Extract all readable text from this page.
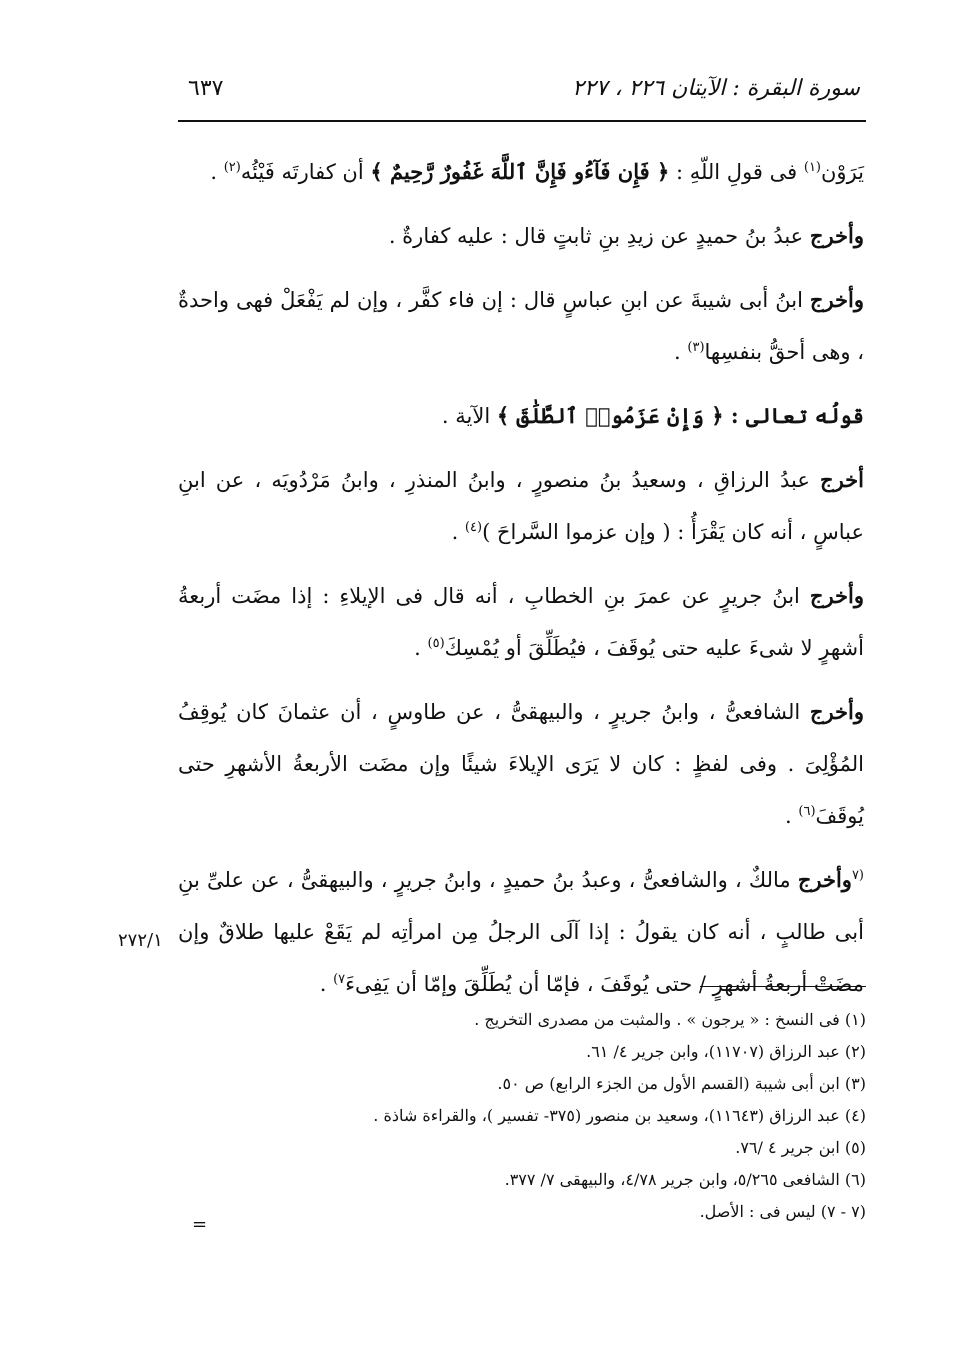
سورة البقرة : الآيتان ٢٢٦ ، ٢٢٧
٦٣٧

يَرَوْن$^{(١)}$ فى قولِ اللّهِ : ﴿ فَإِن فَآءُو فَإِنَّ ٱللَّهَ غَفُورٌ رَّحِيمٌ ﴾ أن كفارتَه فَيْئُه$^{(٢)}$ .

وأخرج عبدُ بنُ حميدٍ عن زيدِ بنِ ثابتٍ قال : عليه كفارةٌ .

وأخرج ابنُ أبى شيبةَ عن ابنِ عباسٍ قال : إن فاء كفَّر ، وإن لم يَفْعَلْ فهى واحدةٌ ، وهى أحقُّ بنفسِها$^{(٣)}$ .

قولُه تعالى : ﴿ وَإِنْ عَزَمُوا۟ ٱلطَّلَٰقَ ﴾ الآية .

أخرج عبدُ الرزاقِ ، وسعيدُ بنُ منصورٍ ، وابنُ المنذرِ ، وابنُ مَرْدُويَه ، عن ابنِ عباسٍ ، أنه كان يَقْرَأُ : ( وإن عزموا السَّراحَ )$^{(٤)}$ .

وأخرج ابنُ جريرٍ عن عمرَ بنِ الخطابِ ، أنه قال فى الإيلاءِ : إذا مضَت أربعةُ أشهرٍ لا شىءَ عليه حتى يُوقَفَ ، فيُطَلِّقَ أو يُمْسِكَ$^{(٥)}$ .

وأخرج الشافعىُّ ، وابنُ جريرٍ ، والبيهقىُّ ، عن طاوسٍ ، أن عثمانَ كان يُوقِفُ المُؤْلِىَ . وفى لفظٍ : كان لا يَرَى الإيلاءَ شيئًا وإن مضَت الأربعةُ الأشهرِ حتى يُوقَفَ$^{(٦)}$ .

$^{(٧}$وأخرج مالكٌ ، والشافعىُّ ، وعبدُ بنُ حميدٍ ، وابنُ جريرٍ ، والبيهقىُّ ، عن علىِّ بنِ أبى طالبٍ ، أنه كان يقولُ : إذا آلَى الرجلُ مِن امرأتِه لم يَقَعْ عليها طلاقٌ وإن مضَتْ أربعةُ أشهرٍ / حتى يُوقَفَ ، فإمّا أن يُطَلِّقَ وإمّا أن يَفِىءَ$^{٧)}$ .

٢٧٢/١
(١) فى النسخ : « يرجون » . والمثبت من مصدرى التخريج .
(٢) عبد الرزاق (١١٧٠٧)، وابن جرير ٤/ ٦١.
(٣) ابن أبى شيبة (القسم الأول من الجزء الرابع) ص ٥٠.
(٤) عبد الرزاق (١١٦٤٣)، وسعيد بن منصور (٣٧٥- تفسير )، والقراءة شاذة .
(٥) ابن جرير ٤ /٧٦.
(٦) الشافعى ٥/٢٦٥، وابن جرير ٤/٧٨، والبيهقى ٧/ ٣٧٧.
(٧ - ٧) ليس فى : الأصل.
=
